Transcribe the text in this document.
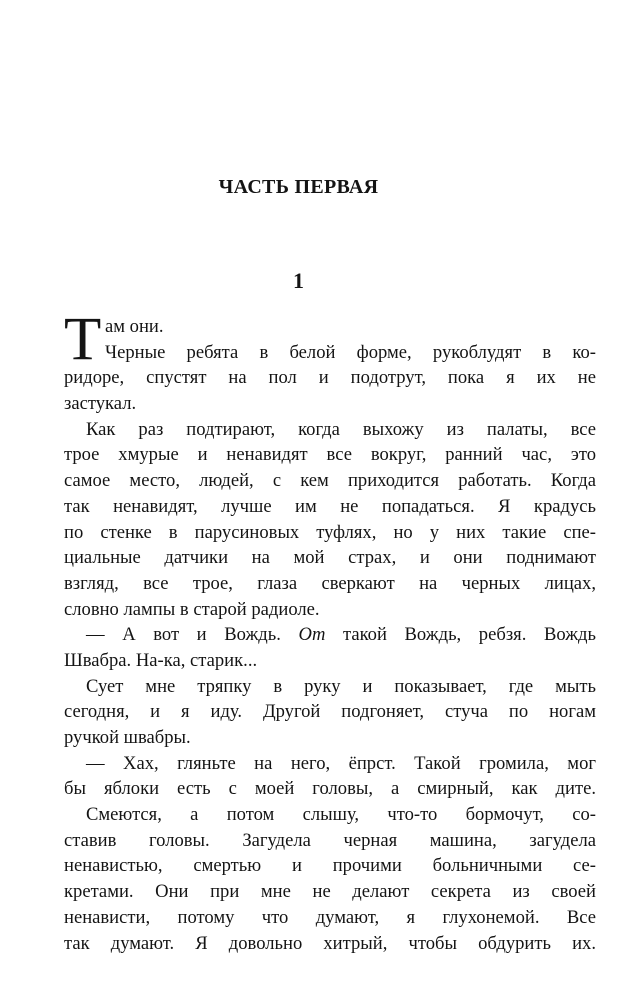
ЧАСТЬ ПЕРВАЯ
1
Т ам они.
Черные ребята в белой форме, рукоблудят в ко-
ридоре, спустят на пол и подотрут, пока я их не
застукал.
Как раз подтирают, когда выхожу из палаты, все
трое хмурые и ненавидят все вокруг, ранний час, это
самое место, людей, с кем приходится работать. Когда
так ненавидят, лучше им не попадаться. Я крадусь
по стенке в парусиновых туфлях, но у них такие спе-
циальные датчики на мой страх, и они поднимают
взгляд, все трое, глаза сверкают на черных лицах,
словно лампы в старой радиоле.
— А вот и Вождь. От такой Вождь, ребзя. Вождь
Швабра. На-ка, старик...
Сует мне тряпку в руку и показывает, где мыть
сегодня, и я иду. Другой подгоняет, стуча по ногам
ручкой швабры.
— Хах, гляньте на него, ёпрст. Такой громила, мог
бы яблоки есть с моей головы, а смирный, как дите.
Смеются, а потом слышу, что-то бормочут, со-
ставив головы. Загудела черная машина, загудела
ненавистью, смертью и прочими больничными се-
кретами. Они при мне не делают секрета из своей
ненависти, потому что думают, я глухонемой. Все
так думают. Я довольно хитрый, чтобы обдурить их.
